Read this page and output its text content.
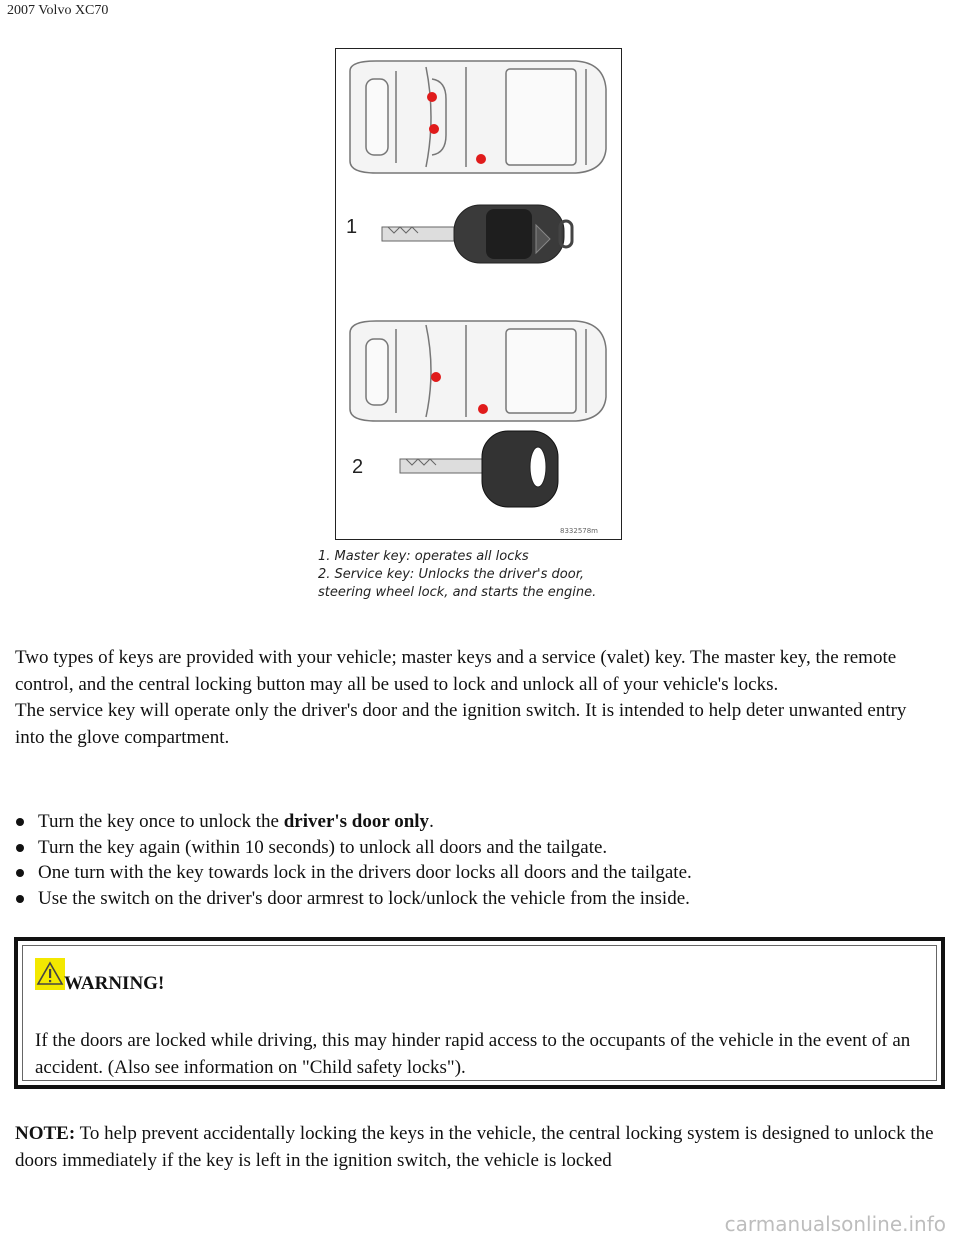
2007 Volvo XC70
1
2
8332578m
1. Master key: operates all locks
2. Service key: Unlocks the driver's door,
steering wheel lock, and starts the engine.
Two types of keys are provided with your vehicle; master keys and a service (valet) key. The master key, the remote control, and the central locking button may all be used to lock and unlock all of your vehicle's locks.
The service key will operate only the driver's door and the ignition switch. It is intended to help deter unwanted entry into the glove compartment.
Turn the key once to unlock the driver's door only.
Turn the key again (within 10 seconds) to unlock all doors and the tailgate.
One turn with the key towards lock in the drivers door locks all doors and the tailgate.
Use the switch on the driver's door armrest to lock/unlock the vehicle from the inside.
WARNING!
If the doors are locked while driving, this may hinder rapid access to the occupants of the vehicle in the event of an accident. (Also see information on "Child safety locks").
NOTE: To help prevent accidentally locking the keys in the vehicle, the central locking system is designed to unlock the doors immediately if the key is left in the ignition switch, the vehicle is locked
carmanualsonline.info
